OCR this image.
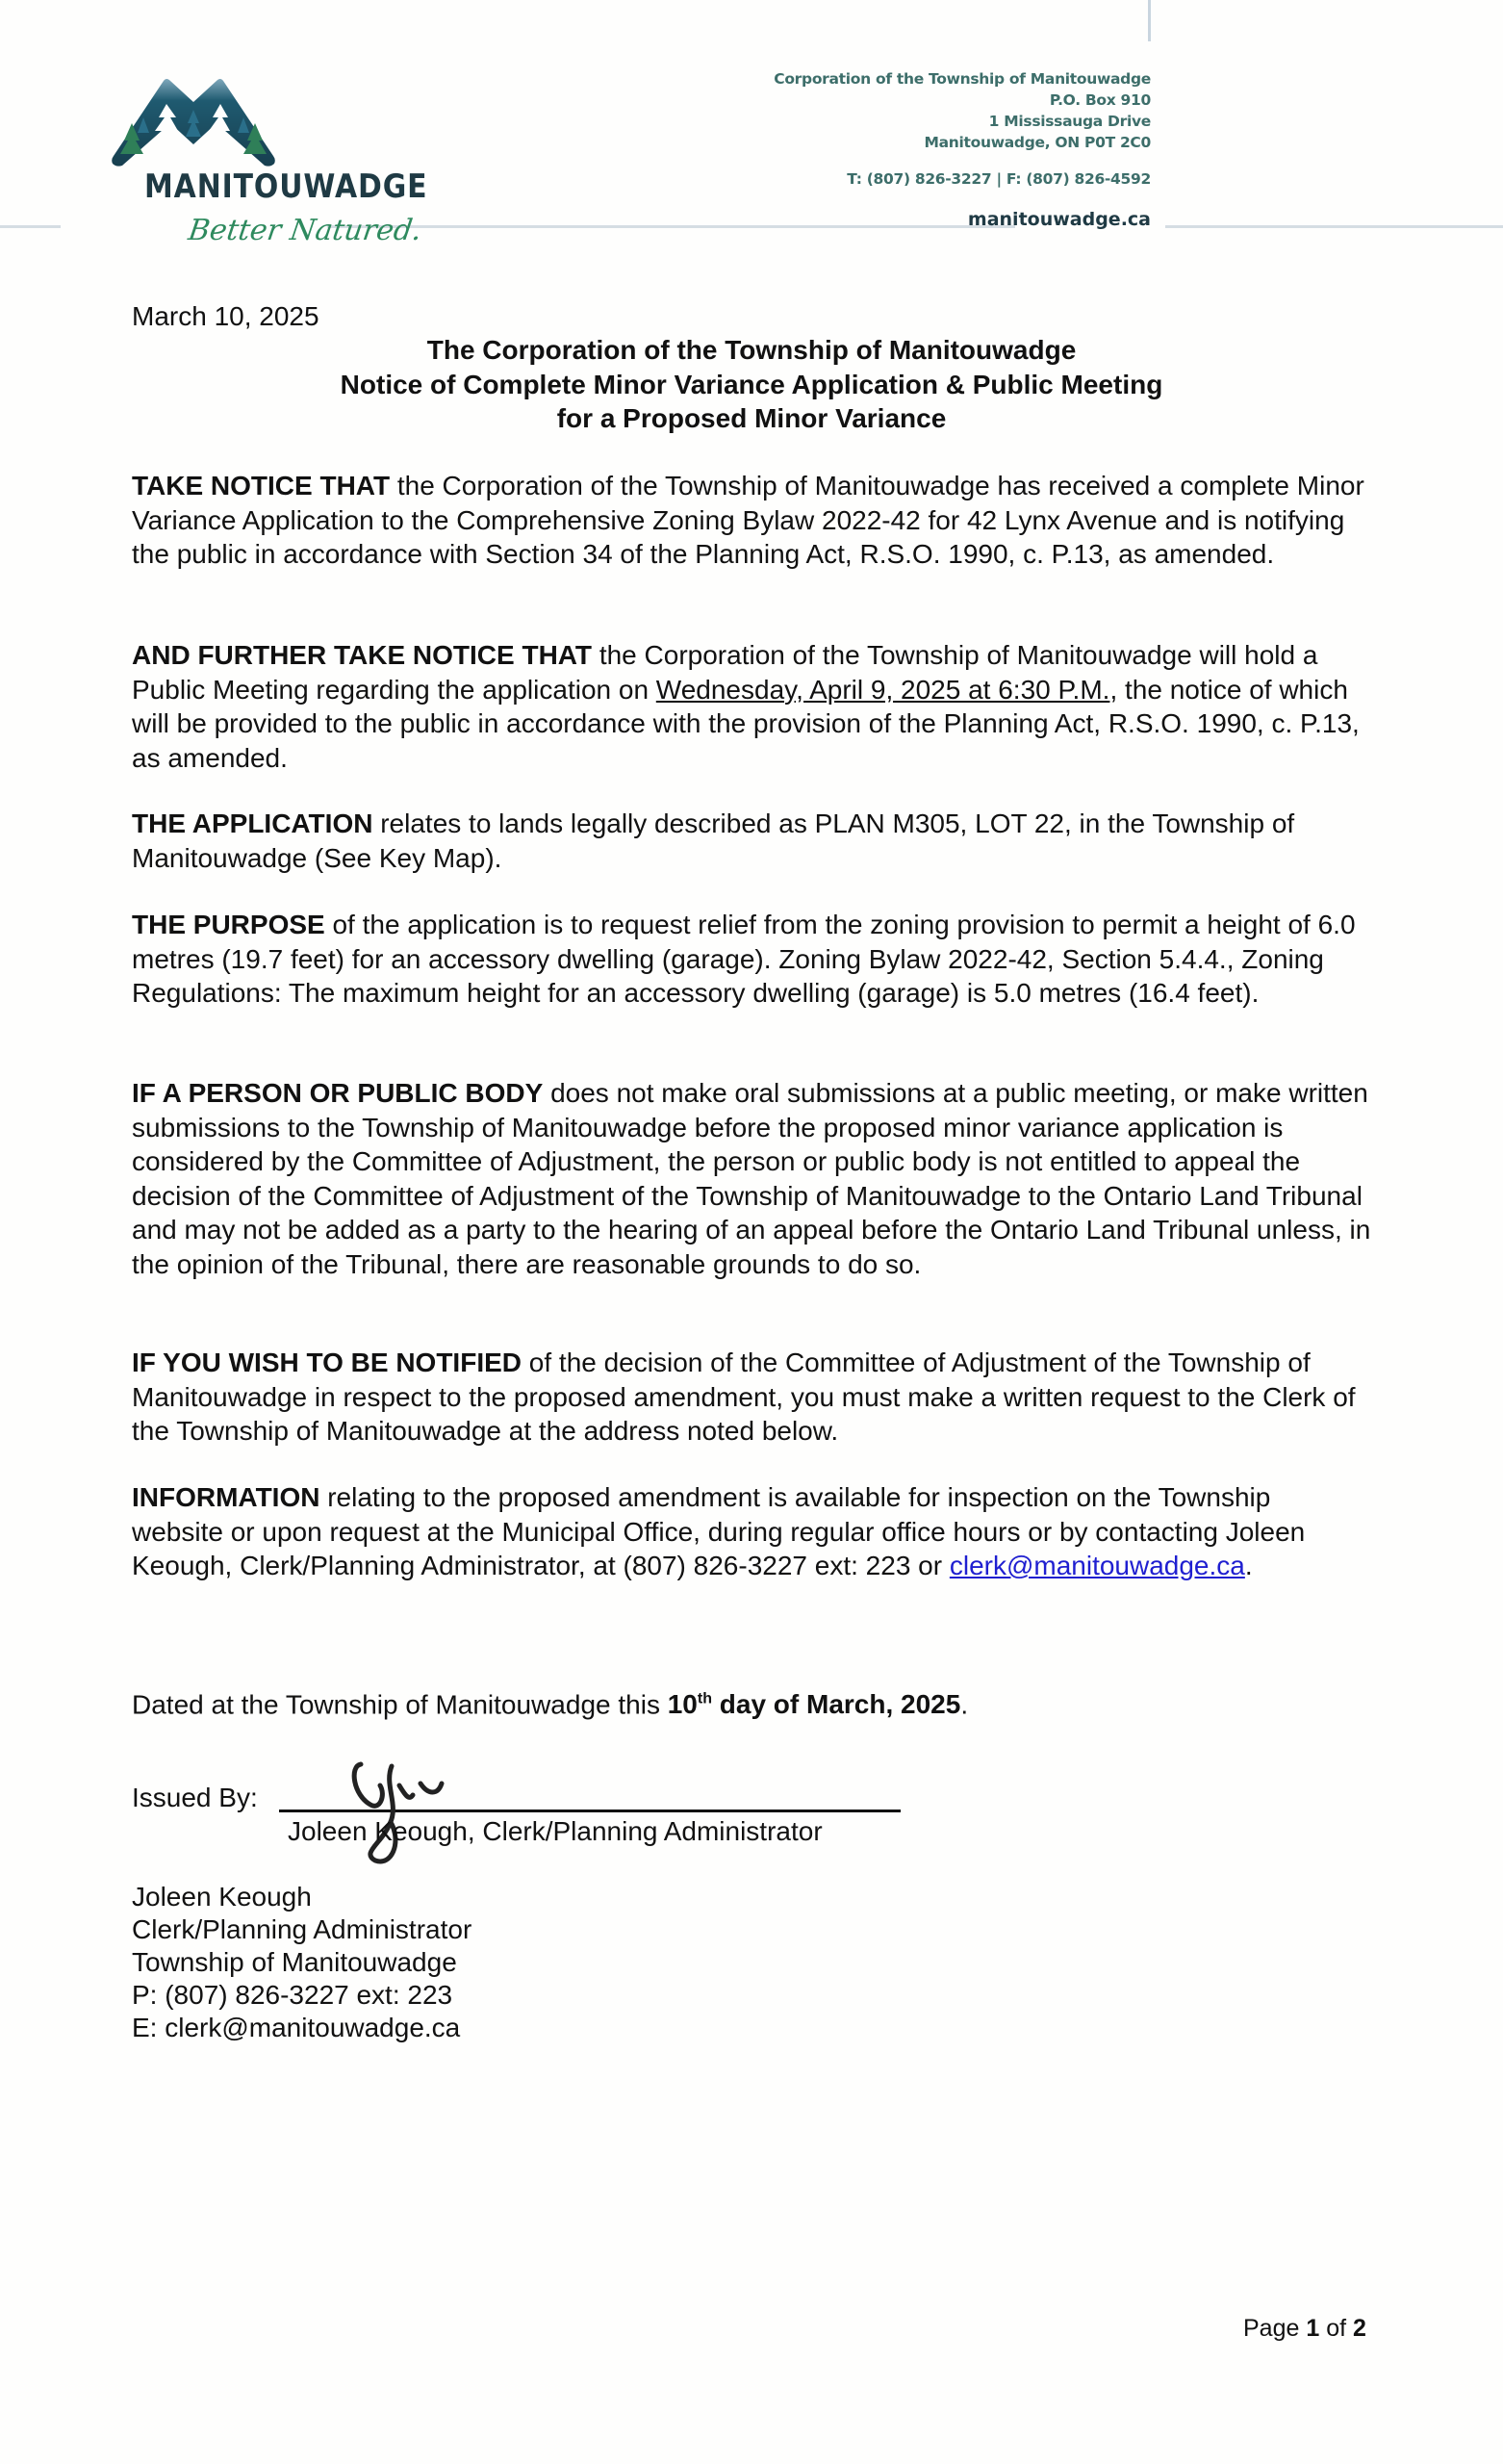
MANITOUWADGE
Better Natured.
Corporation of the Township of Manitouwadge
P.O. Box 910
1 Mississauga Drive
Manitouwadge, ON P0T 2C0
T: (807) 826-3227 | F: (807) 826-4592
manitouwadge.ca
March 10, 2025
The Corporation of the Township of Manitouwadge
Notice of Complete Minor Variance Application & Public Meeting
for a Proposed Minor Variance

TAKE NOTICE THAT the Corporation of the Township of Manitouwadge has received a complete Minor Variance Application to the Comprehensive Zoning Bylaw 2022-42 for 42 Lynx Avenue and is notifying the public in accordance with Section 34 of the Planning Act, R.S.O. 1990, c. P.13, as amended.

AND FURTHER TAKE NOTICE THAT the Corporation of the Township of Manitouwadge will hold a Public Meeting regarding the application on Wednesday, April 9, 2025 at 6:30 P.M., the notice of which will be provided to the public in accordance with the provision of the Planning Act, R.S.O. 1990, c. P.13, as amended.

THE APPLICATION relates to lands legally described as PLAN M305, LOT 22, in the Township of Manitouwadge (See Key Map).

THE PURPOSE of the application is to request relief from the zoning provision to permit a height of 6.0 metres (19.7 feet) for an accessory dwelling (garage). Zoning Bylaw 2022-42, Section 5.4.4., Zoning Regulations: The maximum height for an accessory dwelling (garage) is 5.0 metres (16.4 feet).

IF A PERSON OR PUBLIC BODY does not make oral submissions at a public meeting, or make written submissions to the Township of Manitouwadge before the proposed minor variance application is considered by the Committee of Adjustment, the person or public body is not entitled to appeal the decision of the Committee of Adjustment of the Township of Manitouwadge to the Ontario Land Tribunal and may not be added as a party to the hearing of an appeal before the Ontario Land Tribunal unless, in the opinion of the Tribunal, there are reasonable grounds to do so.

IF YOU WISH TO BE NOTIFIED of the decision of the Committee of Adjustment of the Township of Manitouwadge in respect to the proposed amendment, you must make a written request to the Clerk of the Township of Manitouwadge at the address noted below.

INFORMATION relating to the proposed amendment is available for inspection on the Township website or upon request at the Municipal Office, during regular office hours or by contacting Joleen Keough, Clerk/Planning Administrator, at (807) 826-3227 ext: 223 or clerk@manitouwadge.ca.

Dated at the Township of Manitouwadge this 10th day of March, 2025.
Issued By:
Joleen Keough, Clerk/Planning Administrator
Joleen Keough
Clerk/Planning Administrator
Township of Manitouwadge
P: (807) 826-3227 ext: 223
E: clerk@manitouwadge.ca
Page 1 of 2
